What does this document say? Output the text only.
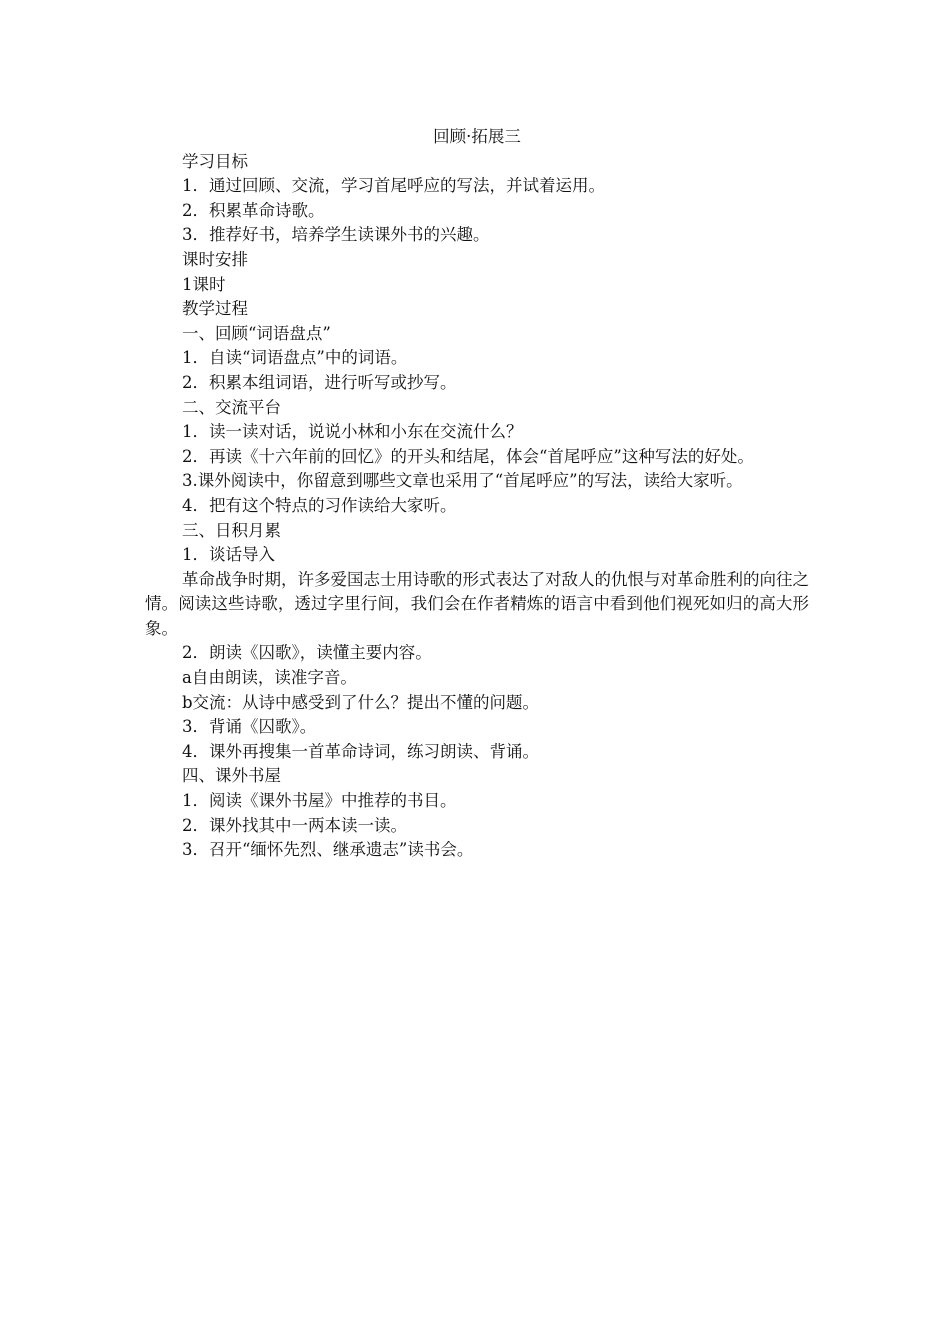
回顾·拓展三

学习目标

1．通过回顾、交流，学习首尾呼应的写法，并试着运用。

2．积累革命诗歌。

3．推荐好书，培养学生读课外书的兴趣。

课时安排

1课时

教学过程

一、回顾“词语盘点”

1．自读“词语盘点”中的词语。

2．积累本组词语，进行听写或抄写。

二、交流平台

1．读一读对话，说说小林和小东在交流什么？

2．再读《十六年前的回忆》的开头和结尾，体会“首尾呼应”这种写法的好处。

3.课外阅读中，你留意到哪些文章也采用了“首尾呼应”的写法，读给大家听。

4．把有这个特点的习作读给大家听。

三、日积月累

1．谈话导入

革命战争时期，许多爱国志士用诗歌的形式表达了对敌人的仇恨与对革命胜利的向往之情。阅读这些诗歌，透过字里行间，我们会在作者精炼的语言中看到他们视死如归的高大形象。

2．朗读《囚歌》，读懂主要内容。

a自由朗读，读准字音。

b交流：从诗中感受到了什么？提出不懂的问题。

3．背诵《囚歌》。

4．课外再搜集一首革命诗词，练习朗读、背诵。

四、课外书屋

1．阅读《课外书屋》中推荐的书目。

2．课外找其中一两本读一读。

3．召开“缅怀先烈、继承遗志”读书会。
